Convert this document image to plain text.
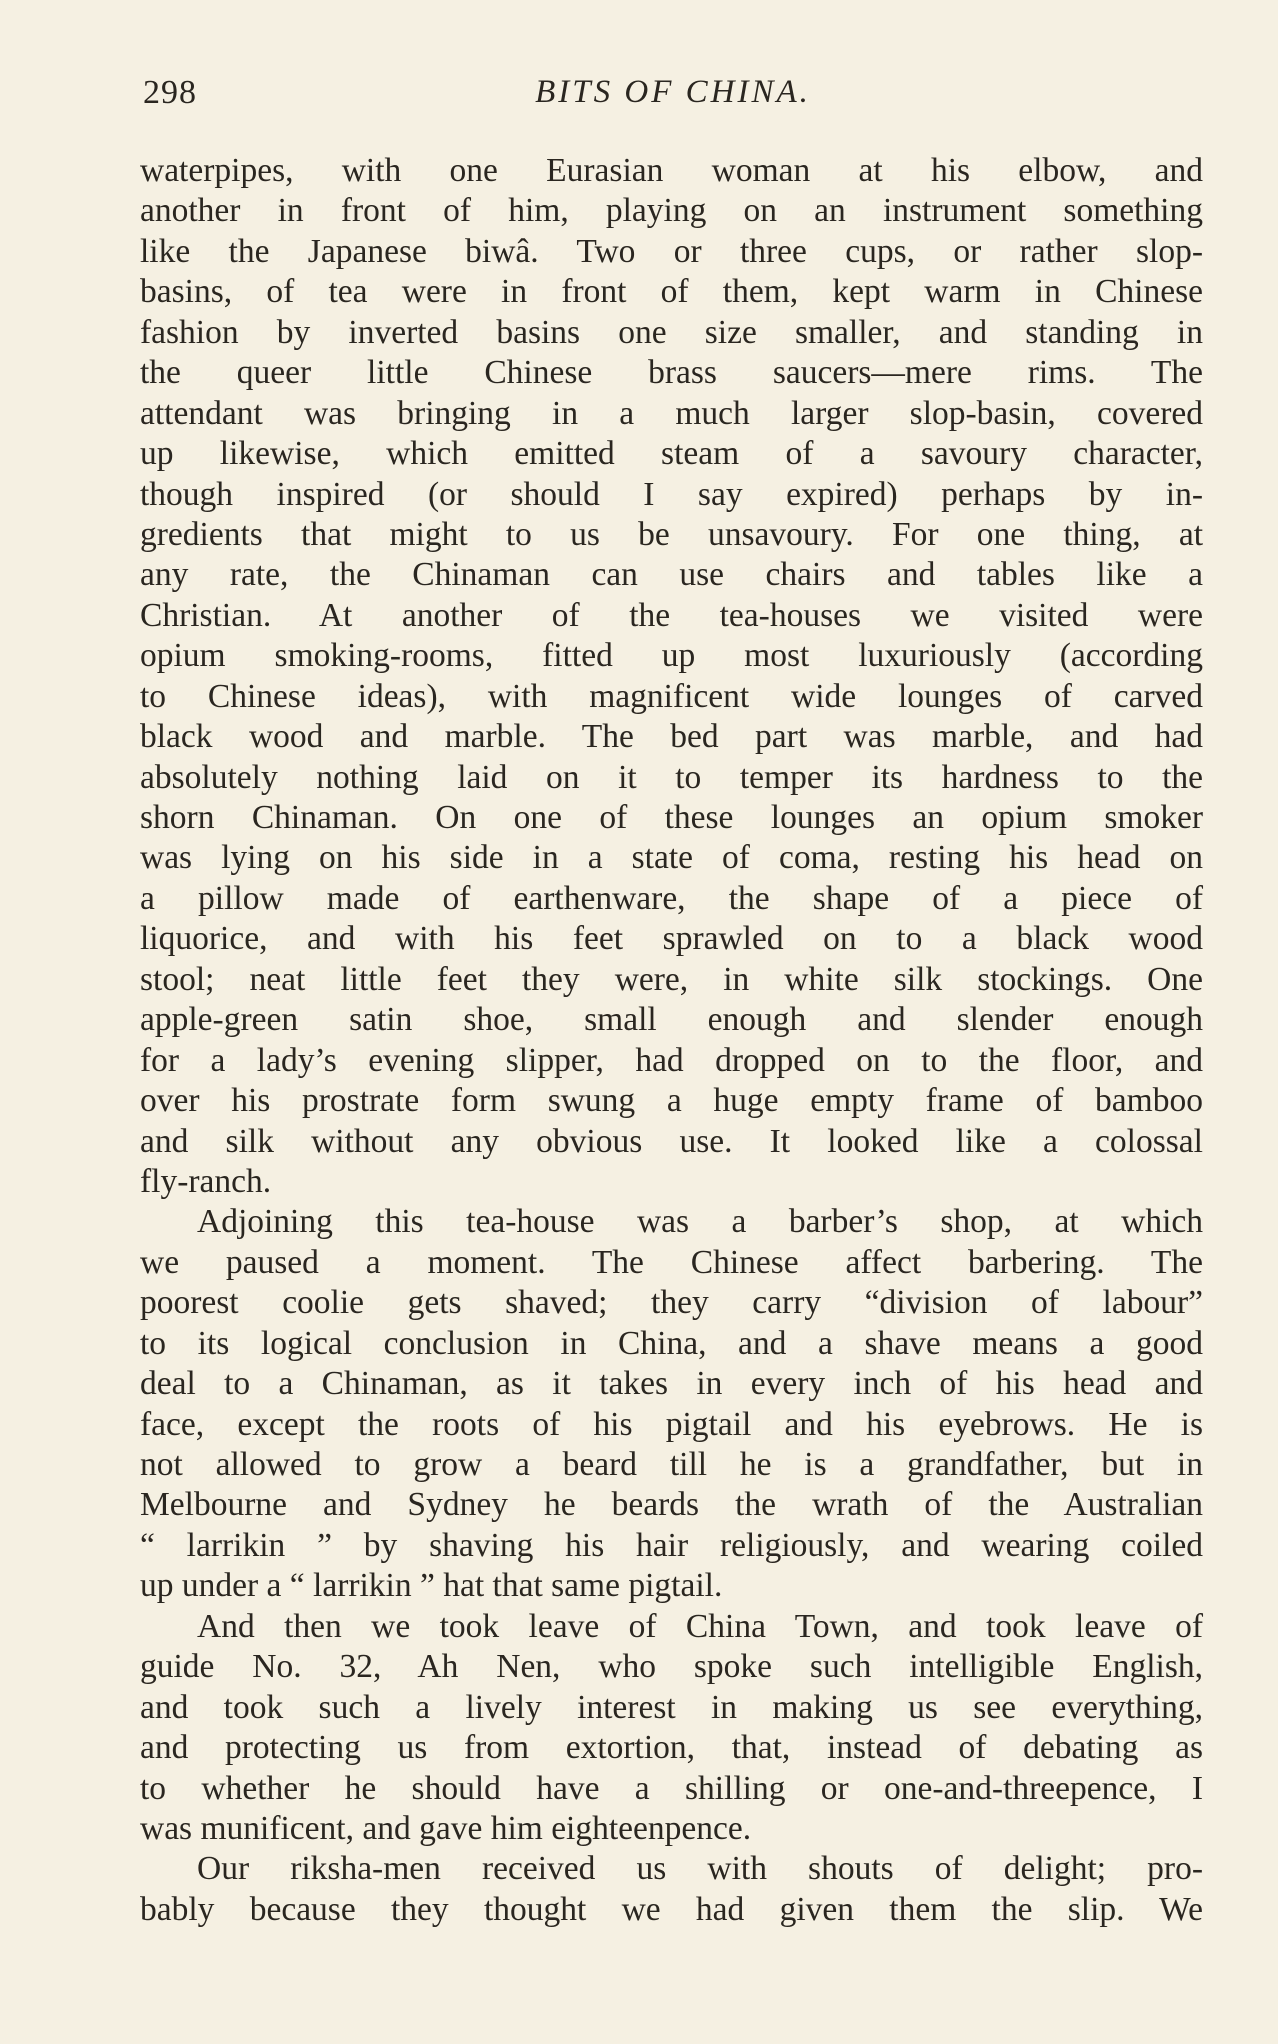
298	BITS OF CHINA.
waterpipes, with one Eurasian woman at his elbow, and
another in front of him, playing on an instrument something
like the Japanese biwâ. Two or three cups, or rather slop-
basins, of tea were in front of them, kept warm in Chinese
fashion by inverted basins one size smaller, and standing in
the queer little Chinese brass saucers—mere rims. The
attendant was bringing in a much larger slop-basin, covered
up likewise, which emitted steam of a savoury character,
though inspired (or should I say expired) perhaps by in-
gredients that might to us be unsavoury. For one thing, at
any rate, the Chinaman can use chairs and tables like a
Christian. At another of the tea-houses we visited were
opium smoking-rooms, fitted up most luxuriously (according
to Chinese ideas), with magnificent wide lounges of carved
black wood and marble. The bed part was marble, and had
absolutely nothing laid on it to temper its hardness to the
shorn Chinaman. On one of these lounges an opium smoker
was lying on his side in a state of coma, resting his head on
a pillow made of earthenware, the shape of a piece of
liquorice, and with his feet sprawled on to a black wood
stool; neat little feet they were, in white silk stockings. One
apple-green satin shoe, small enough and slender enough
for a lady’s evening slipper, had dropped on to the floor, and
over his prostrate form swung a huge empty frame of bamboo
and silk without any obvious use. It looked like a colossal
fly-ranch.
Adjoining this tea-house was a barber’s shop, at which
we paused a moment. The Chinese affect barbering. The
poorest coolie gets shaved; they carry “division of labour”
to its logical conclusion in China, and a shave means a good
deal to a Chinaman, as it takes in every inch of his head and
face, except the roots of his pigtail and his eyebrows. He is
not allowed to grow a beard till he is a grandfather, but in
Melbourne and Sydney he beards the wrath of the Australian
“ larrikin ” by shaving his hair religiously, and wearing coiled
up under a “ larrikin ” hat that same pigtail.
And then we took leave of China Town, and took leave of
guide No. 32, Ah Nen, who spoke such intelligible English,
and took such a lively interest in making us see everything,
and protecting us from extortion, that, instead of debating as
to whether he should have a shilling or one-and-threepence, I
was munificent, and gave him eighteenpence.
Our riksha-men received us with shouts of delight; pro-
bably because they thought we had given them the slip. We
